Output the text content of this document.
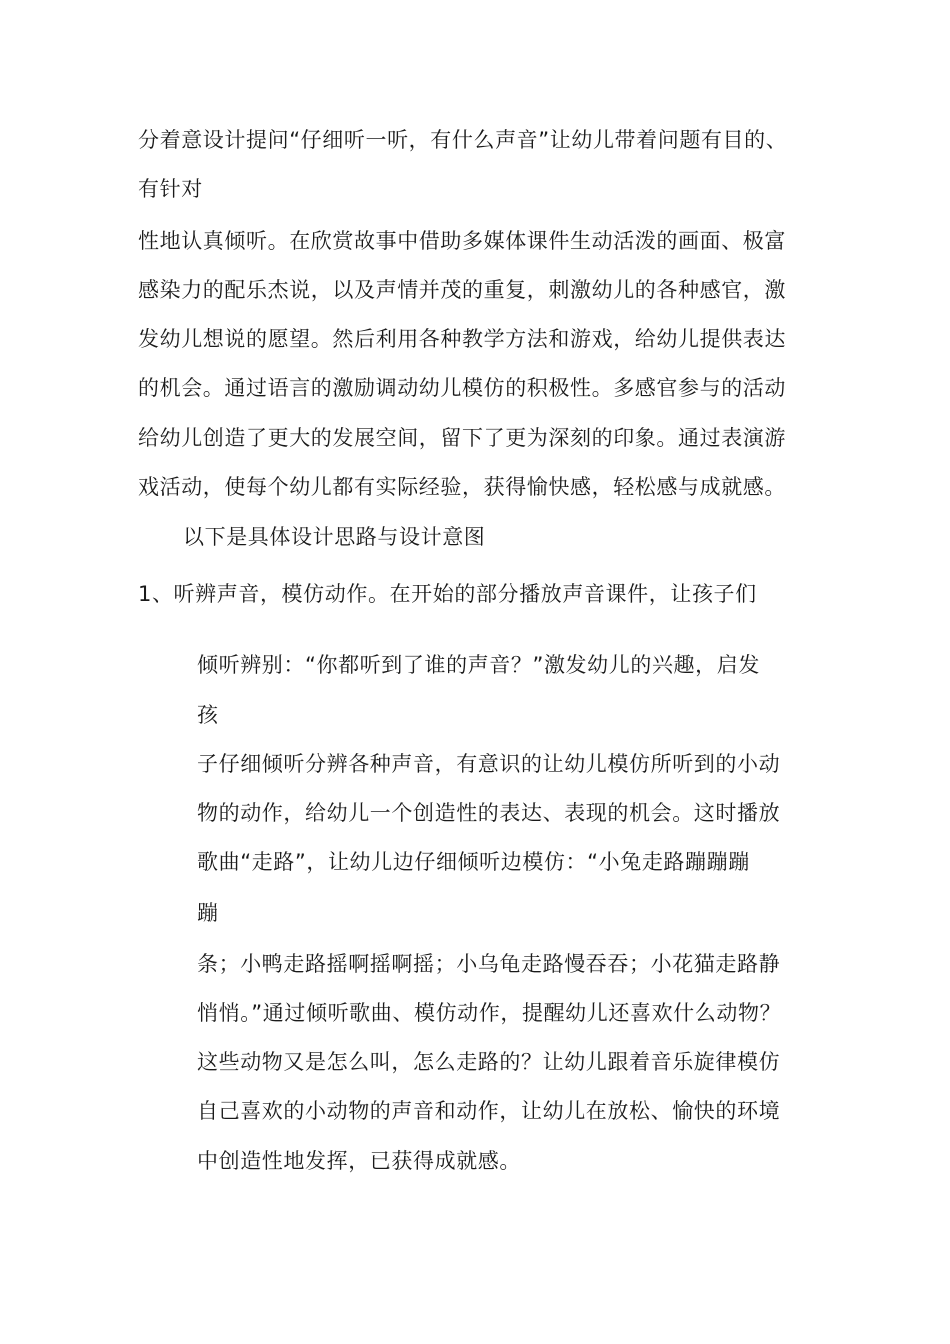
分着意设计提问“仔细听一听，有什么声音”让幼儿带着问题有目的、
有针对
性地认真倾听。在欣赏故事中借助多媒体课件生动活泼的画面、极富
感染力的配乐杰说，以及声情并茂的重复，刺激幼儿的各种感官，激
发幼儿想说的愿望。然后利用各种教学方法和游戏，给幼儿提供表达
的机会。通过语言的激励调动幼儿模仿的积极性。多感官参与的活动
给幼儿创造了更大的发展空间，留下了更为深刻的印象。通过表演游
戏活动，使每个幼儿都有实际经验，获得愉快感，轻松感与成就感。
以下是具体设计思路与设计意图
1、听辨声音，模仿动作。在开始的部分播放声音课件，让孩子们
倾听辨别：“你都听到了谁的声音？”激发幼儿的兴趣，启发
孩
子仔细倾听分辨各种声音，有意识的让幼儿模仿所听到的小动
物的动作，给幼儿一个创造性的表达、表现的机会。这时播放
歌曲“走路”，让幼儿边仔细倾听边模仿：“小兔走路蹦蹦蹦
蹦
条；小鸭走路摇啊摇啊摇；小乌龟走路慢吞吞；小花猫走路静
悄悄。”通过倾听歌曲、模仿动作，提醒幼儿还喜欢什么动物？
这些动物又是怎么叫，怎么走路的？让幼儿跟着音乐旋律模仿
自己喜欢的小动物的声音和动作，让幼儿在放松、愉快的环境
中创造性地发挥，已获得成就感。
